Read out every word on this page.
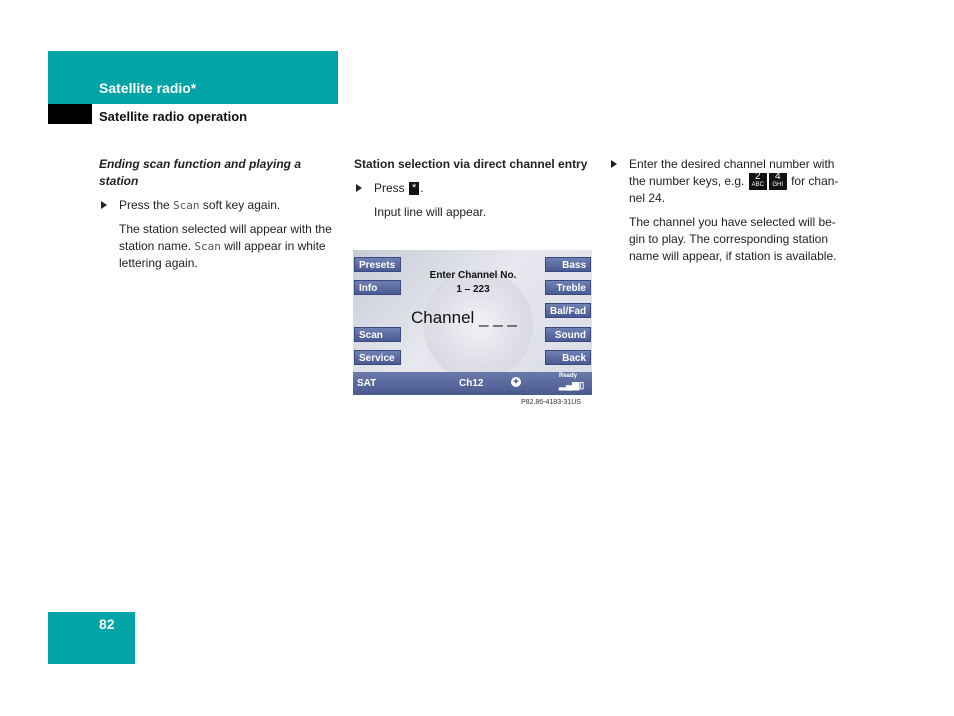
Satellite radio*
Satellite radio operation

Ending scan function and playing a station

Press the Scan soft key again.

The station selected will appear with the station name. Scan will appear in white lettering again.

Station selection via direct channel entry

Press * .

Input line will appear.

Presets
Info
Scan
Service
Bass
Treble
Bal/Fad
Sound
Back
Enter Channel No.
1 – 223
Channel _ _ _
SAT	Ch12	✦
Ready
▂▄▆▯
P82.86-4183-31US

Enter the desired channel number with the number keys, e.g. 2
ABC
4
GHI for chan-nel 24.

The channel you have selected will be-gin to play. The corresponding station name will appear, if station is available.

82
